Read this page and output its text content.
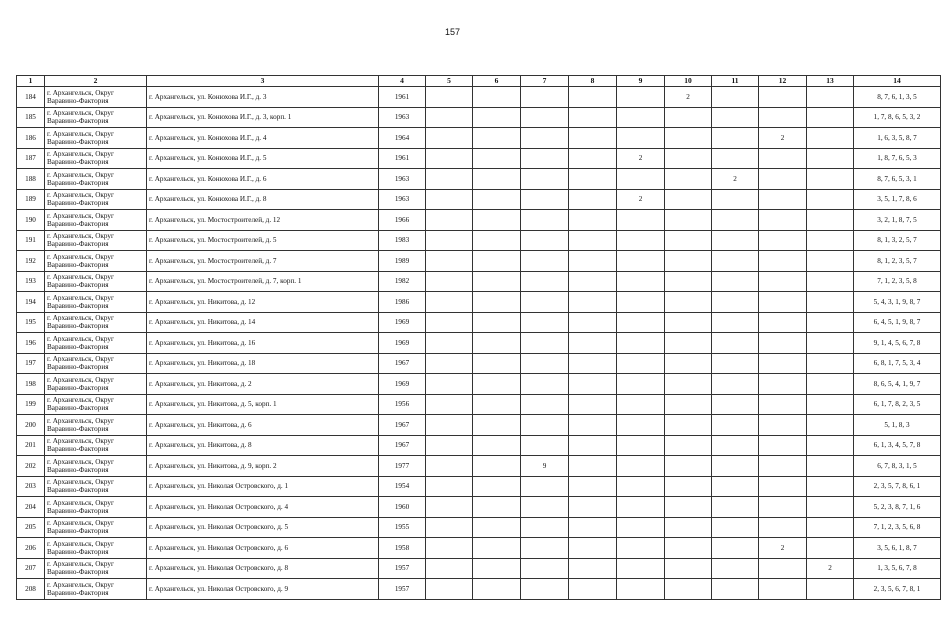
157
1	2	3	4	5	6	7	8	9	10	11	12	13	14
184	г. Архангельск, Округ Варавино-Фактория	г. Архангельск, ул. Конюхова И.Г., д. 3	1961						2				8, 7, 6, 1, 3, 5
185	г. Архангельск, Округ Варавино-Фактория	г. Архангельск, ул. Конюхова И.Г., д. 3, корп. 1	1963										1, 7, 8, 6, 5, 3, 2
186	г. Архангельск, Округ Варавино-Фактория	г. Архангельск, ул. Конюхова И.Г., д. 4	1964								2		1, 6, 3, 5, 8, 7
187	г. Архангельск, Округ Варавино-Фактория	г. Архангельск, ул. Конюхова И.Г., д. 5	1961					2					1, 8, 7, 6, 5, 3
188	г. Архангельск, Округ Варавино-Фактория	г. Архангельск, ул. Конюхова И.Г., д. 6	1963							2			8, 7, 6, 5, 3, 1
189	г. Архангельск, Округ Варавино-Фактория	г. Архангельск, ул. Конюхова И.Г., д. 8	1963					2					3, 5, 1, 7, 8, 6
190	г. Архангельск, Округ Варавино-Фактория	г. Архангельск, ул. Мостостроителей, д. 12	1966										3, 2, 1, 8, 7, 5
191	г. Архангельск, Округ Варавино-Фактория	г. Архангельск, ул. Мостостроителей, д. 5	1983										8, 1, 3, 2, 5, 7
192	г. Архангельск, Округ Варавино-Фактория	г. Архангельск, ул. Мостостроителей, д. 7	1989										8, 1, 2, 3, 5, 7
193	г. Архангельск, Округ Варавино-Фактория	г. Архангельск, ул. Мостостроителей, д. 7, корп. 1	1982										7, 1, 2, 3, 5, 8
194	г. Архангельск, Округ Варавино-Фактория	г. Архангельск, ул. Никитова, д. 12	1986										5, 4, 3, 1, 9, 8, 7
195	г. Архангельск, Округ Варавино-Фактория	г. Архангельск, ул. Никитова, д. 14	1969										6, 4, 5, 1, 9, 8, 7
196	г. Архангельск, Округ Варавино-Фактория	г. Архангельск, ул. Никитова, д. 16	1969										9, 1, 4, 5, 6, 7, 8
197	г. Архангельск, Округ Варавино-Фактория	г. Архангельск, ул. Никитова, д. 18	1967										6, 8, 1, 7, 5, 3, 4
198	г. Архангельск, Округ Варавино-Фактория	г. Архангельск, ул. Никитова, д. 2	1969										8, 6, 5, 4, 1, 9, 7
199	г. Архангельск, Округ Варавино-Фактория	г. Архангельск, ул. Никитова, д. 5, корп. 1	1956										6, 1, 7, 8, 2, 3, 5
200	г. Архангельск, Округ Варавино-Фактория	г. Архангельск, ул. Никитова, д. 6	1967										5, 1, 8, 3
201	г. Архангельск, Округ Варавино-Фактория	г. Архангельск, ул. Никитова, д. 8	1967										6, 1, 3, 4, 5, 7, 8
202	г. Архангельск, Округ Варавино-Фактория	г. Архангельск, ул. Никитова, д. 9, корп. 2	1977			9							6, 7, 8, 3, 1, 5
203	г. Архангельск, Округ Варавино-Фактория	г. Архангельск, ул. Николая Островского, д. 1	1954										2, 3, 5, 7, 8, 6, 1
204	г. Архангельск, Округ Варавино-Фактория	г. Архангельск, ул. Николая Островского, д. 4	1960										5, 2, 3, 8, 7, 1, 6
205	г. Архангельск, Округ Варавино-Фактория	г. Архангельск, ул. Николая Островского, д. 5	1955										7, 1, 2, 3, 5, 6, 8
206	г. Архангельск, Округ Варавино-Фактория	г. Архангельск, ул. Николая Островского, д. 6	1958								2		3, 5, 6, 1, 8, 7
207	г. Архангельск, Округ Варавино-Фактория	г. Архангельск, ул. Николая Островского, д. 8	1957									2	1, 3, 5, 6, 7, 8
208	г. Архангельск, Округ Варавино-Фактория	г. Архангельск, ул. Николая Островского, д. 9	1957										2, 3, 5, 6, 7, 8, 1
